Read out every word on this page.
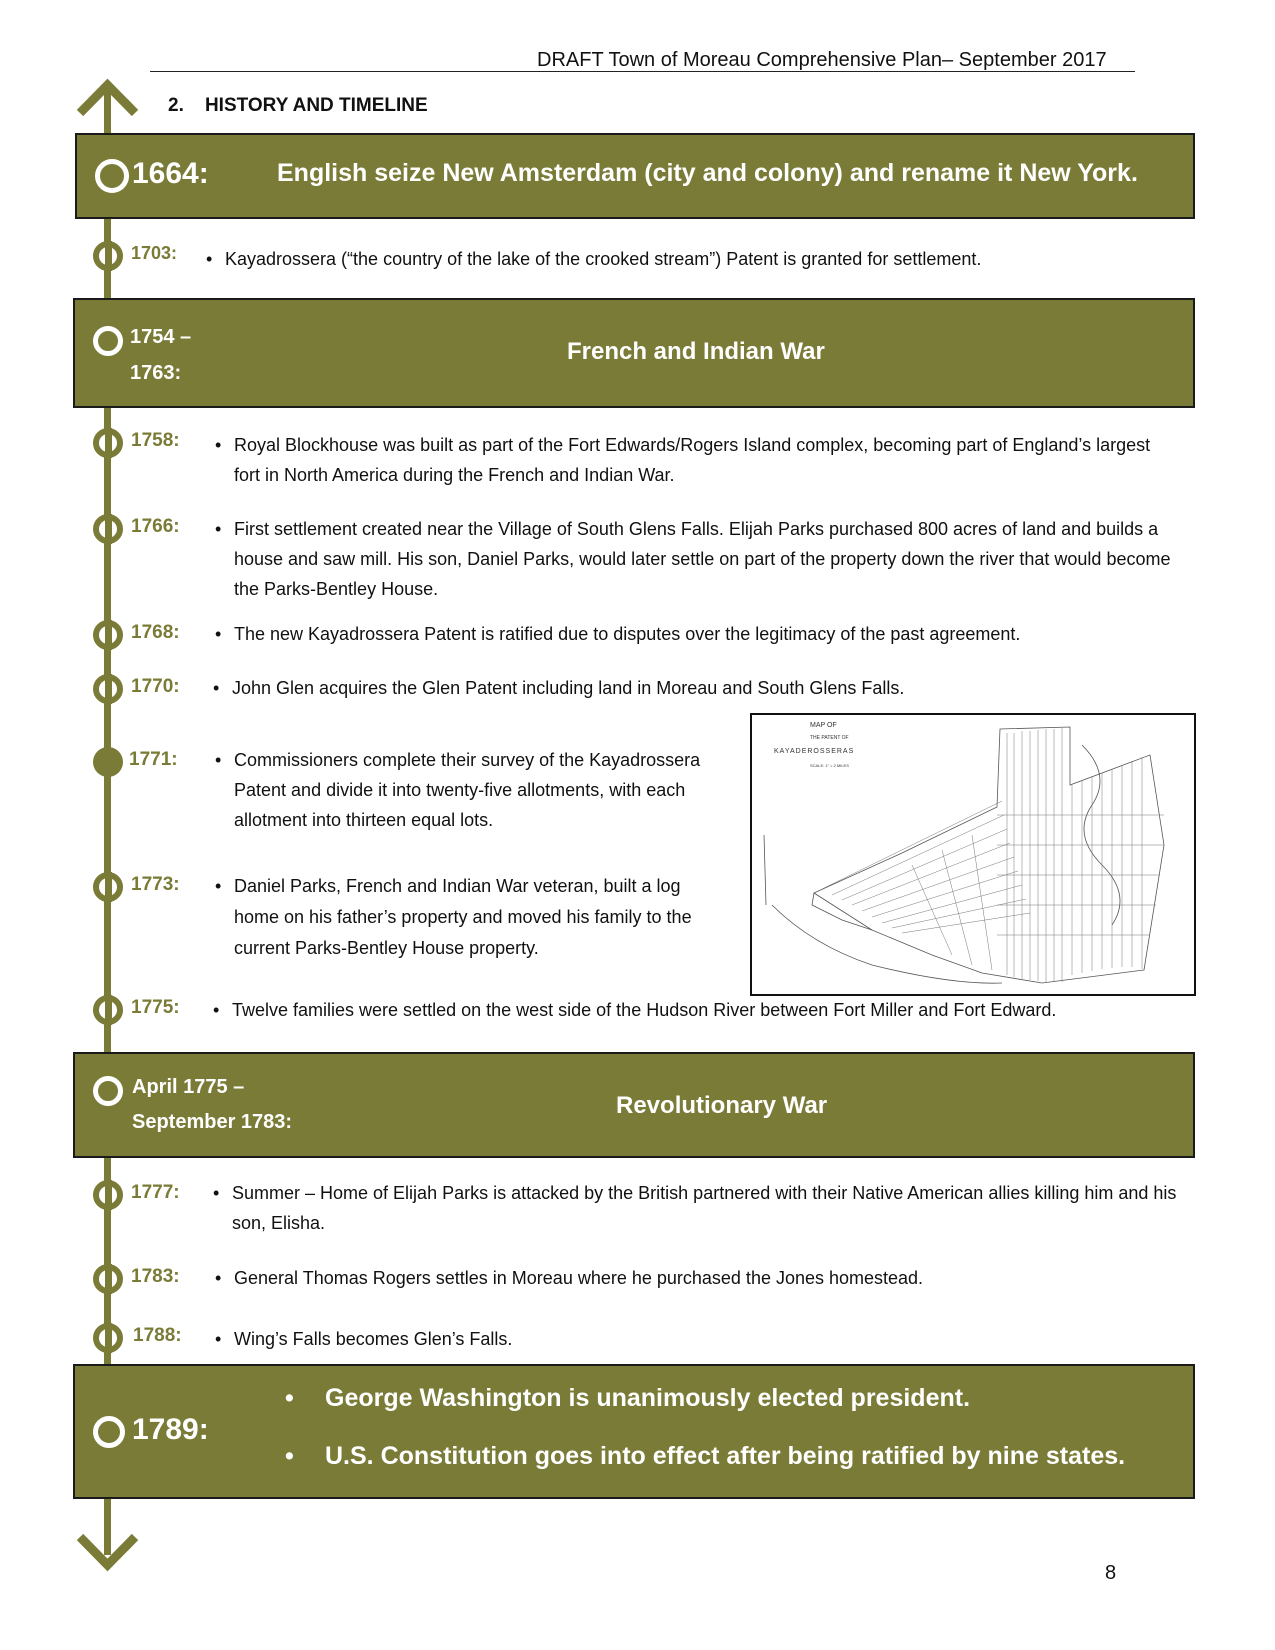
DRAFT Town of Moreau Comprehensive Plan– September 2017
2.    HISTORY AND TIMELINE
1664:	English seize New Amsterdam (city and colony) and rename it New York.
1703: • Kayadrossera (“the country of the lake of the crooked stream”) Patent is granted for settlement.
1754 –
1763:
French and Indian War
1758: • Royal Blockhouse was built as part of the Fort Edwards/Rogers Island complex, becoming part of England’s largest fort in North America during the French and Indian War.
1766: • First settlement created near the Village of South Glens Falls. Elijah Parks purchased 800 acres of land and builds a house and saw mill. His son, Daniel Parks, would later settle on part of the property down the river that would become the Parks-Bentley House.
1768: • The new Kayadrossera Patent is ratified due to disputes over the legitimacy of the past agreement.
1770: • John Glen acquires the Glen Patent including land in Moreau and South Glens Falls.
1771: • Commissioners complete their survey of the Kayadrossera Patent and divide it into twenty-five allotments, with each allotment into thirteen equal lots.
1773: • Daniel Parks, French and Indian War veteran, built a log home on his father’s property and moved his family to the current Parks-Bentley House property.
MAP OF
THE PATENT OF
KAYADEROSSERAS
SCALE: 1" = 2 MILES
1775: • Twelve families were settled on the west side of the Hudson River between Fort Miller and Fort Edward.
April 1775 –
September 1783:
Revolutionary War
1777: • Summer – Home of Elijah Parks is attacked by the British partnered with their Native American allies killing him and his son, Elisha.
1783: • General Thomas Rogers settles in Moreau where he purchased the Jones homestead.
1788: • Wing’s Falls becomes Glen’s Falls.
1789:
• George Washington is unanimously elected president.
• U.S. Constitution goes into effect after being ratified by nine states.
8
